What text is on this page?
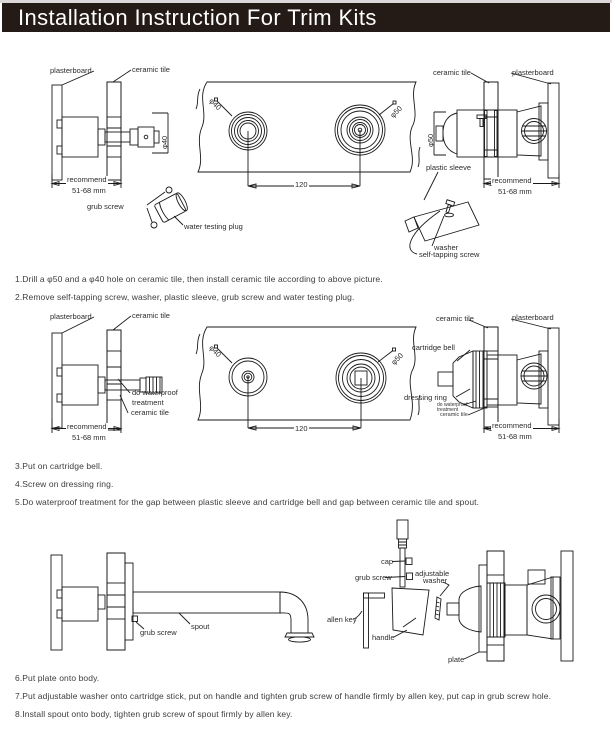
Installation Instruction For Trim Kits
plasterboard	ceramic tile
φ40
recommend
51-68 mm
grub screw
water testing plug
φ40	φ50
120
ceramic tile	plasterboard
φ50
plastic sleeve
recommend
51-68 mm
washer
self-tapping screw

1.Drill a φ50 and a φ40 hole on ceramic tile, then install ceramic tile according to above picture.

2.Remove self-tapping screw, washer, plastic sleeve, grub screw and water testing plug.

plasterboard	ceramic tile
do waterproof
treatment
ceramic tile
recommend
51-68 mm
φ40	φ50
120
cartridge bell
ceramic tile	plasterboard
dressing ring
do waterproof
treatment
ceramic tile
recommend
51-68 mm

3.Put on cartridge bell.

4.Screw on dressing ring.

5.Do waterproof treatment for the gap between plastic sleeve and cartridge bell and gap between ceramic tile and spout.

grub screw
spout
cap
grub screw	adjustable
washer
allen key
handle
plate

6.Put plate onto body.

7.Put adjustable washer onto cartridge stick, put on handle and tighten grub screw of handle firmly by allen key, put cap in grub screw hole.

8.Install spout onto body, tighten grub screw of spout firmly by allen key.
